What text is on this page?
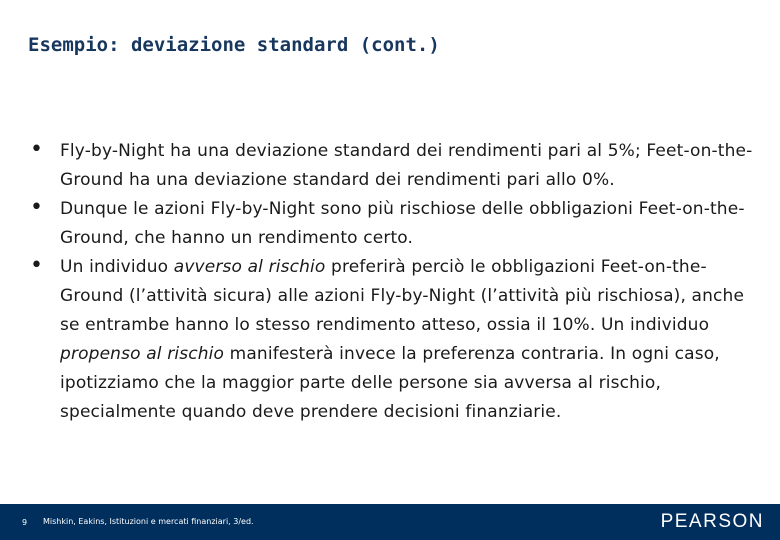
Esempio: deviazione standard (cont.)
• Fly-by-Night ha una deviazione standard dei rendimenti pari al 5%; Feet-on-the-Ground ha una deviazione standard dei rendimenti pari allo 0%.
• Dunque le azioni Fly-by-Night sono più rischiose delle obbligazioni Feet-on-the-Ground, che hanno un rendimento certo.
• Un individuo avverso al rischio preferirà perciò le obbligazioni Feet-on-the-Ground (l’attività sicura) alle azioni Fly-by-Night (l’attività più rischiosa), anche se entrambe hanno lo stesso rendimento atteso, ossia il 10%. Un individuo propenso al rischio manifesterà invece la preferenza contraria. In ogni caso, ipotizziamo che la maggior parte delle persone sia avversa al rischio, specialmente quando deve prendere decisioni finanziarie.
9 Mishkin, Eakins, Istituzioni e mercati finanziari, 3/ed.	PEARSON
